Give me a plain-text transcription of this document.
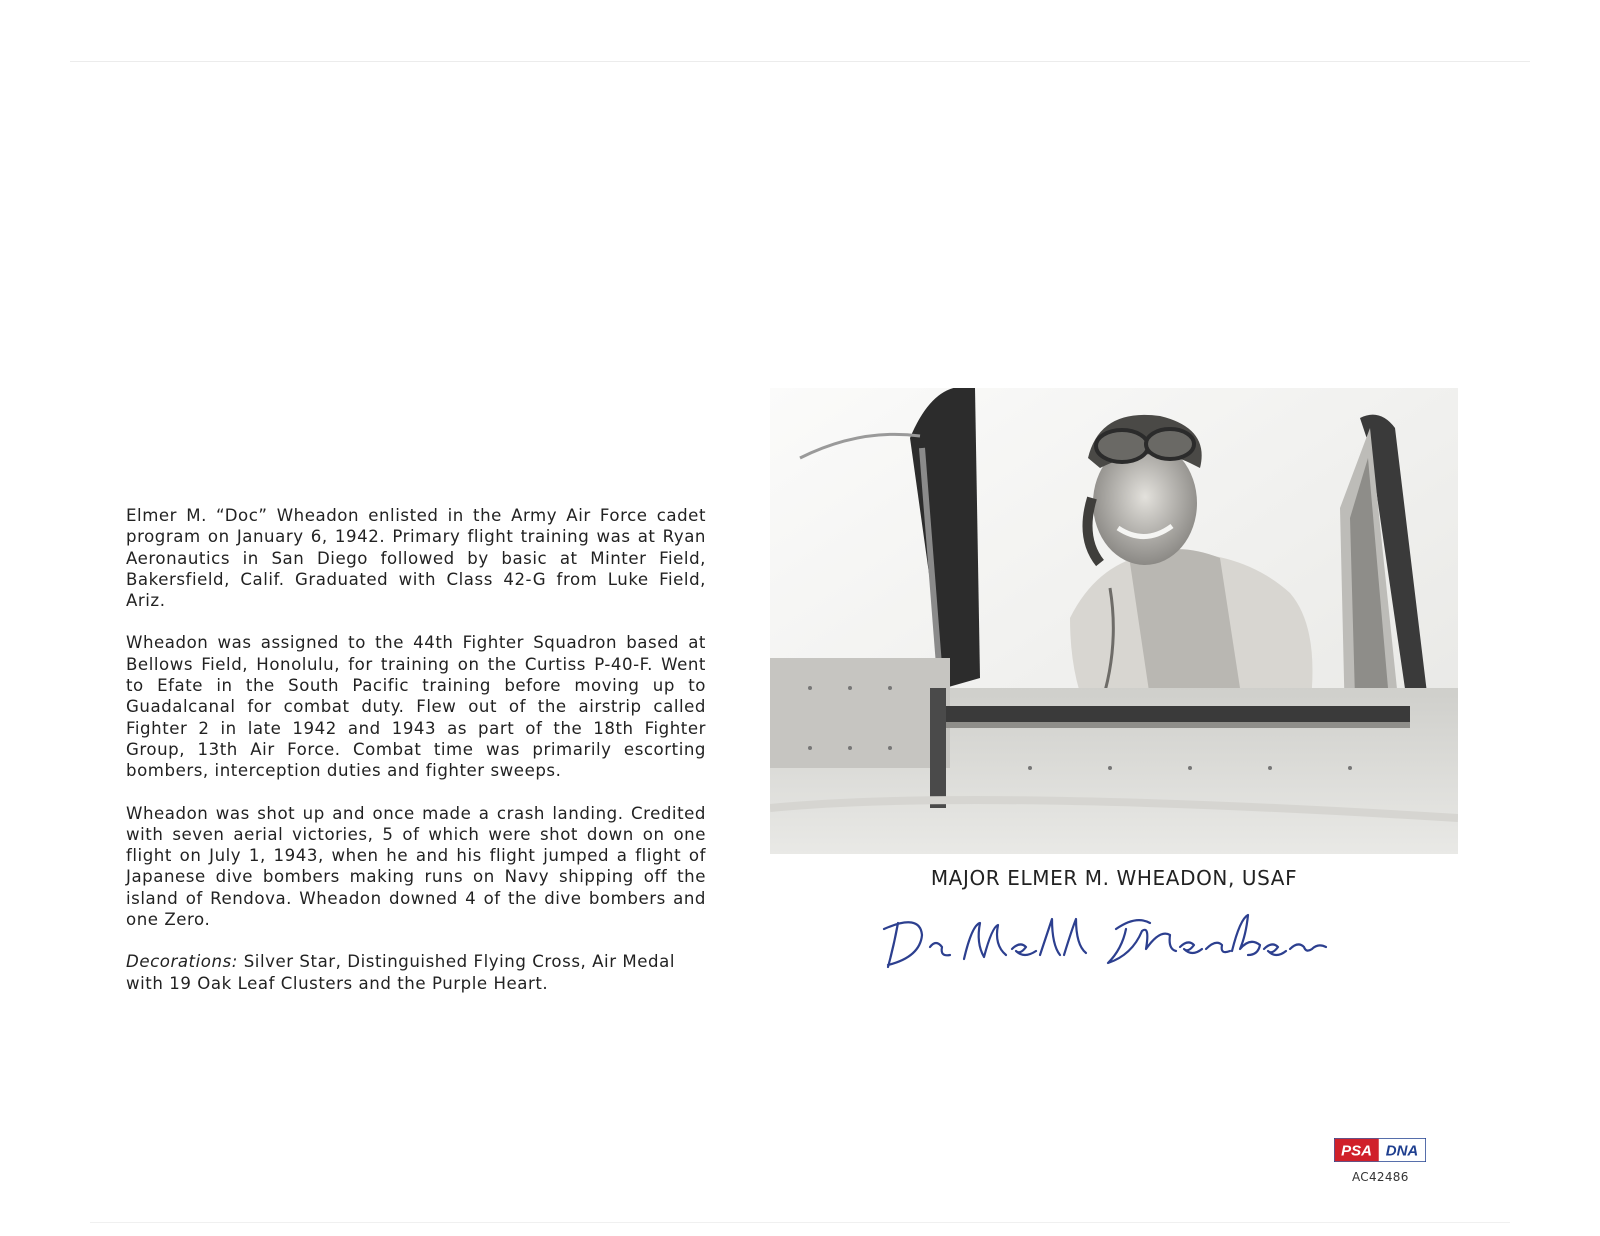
Elmer M. “Doc” Wheadon enlisted in the Army Air Force cadet program on January 6, 1942. Primary flight training was at Ryan Aeronautics in San Diego followed by basic at Minter Field, Bakersfield, Calif. Graduated with Class 42-G from Luke Field, Ariz.

Wheadon was assigned to the 44th Fighter Squadron based at Bellows Field, Honolulu, for training on the Curtiss P-40-F. Went to Efate in the South Pacific training before moving up to Guadalcanal for combat duty. Flew out of the airstrip called Fighter 2 in late 1942 and 1943 as part of the 18th Fighter Group, 13th Air Force. Combat time was primarily escorting bombers, interception duties and fighter sweeps.

Wheadon was shot up and once made a crash landing. Credited with seven aerial victories, 5 of which were shot down on one flight on July 1, 1943, when he and his flight jumped a flight of Japanese dive bombers making runs on Navy shipping off the island of Rendova. Wheadon downed 4 of the dive bombers and one Zero.

Decorations: Silver Star, Distinguished Flying Cross, Air Medal with 19 Oak Leaf Clusters and the Purple Heart.

MAJOR ELMER M. WHEADON, USAF
PSA DNA
AC42486
